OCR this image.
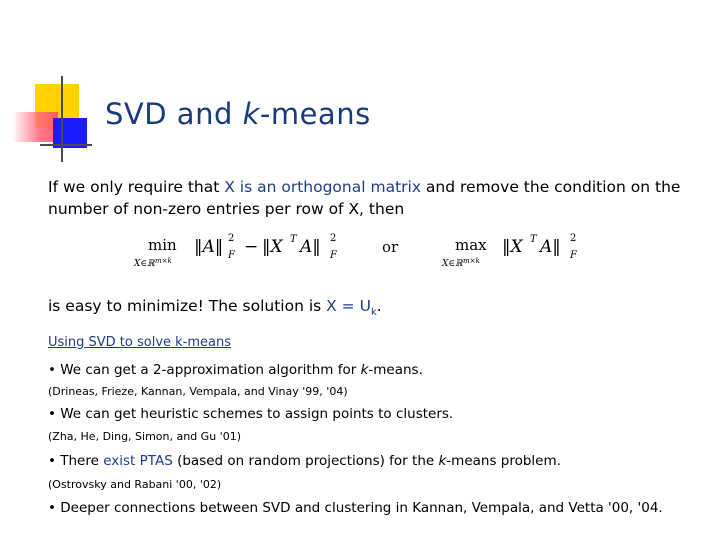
SVD and k-means
If we only require that X is an orthogonal matrix and remove the condition on the number of non-zero entries per row of X, then
min
X∈ℝ m×k
‖A‖ 2
F − ‖X T A‖ 2
F	or	max
X∈ℝ m×k
‖X T A‖ 2
F
is easy to minimize! The solution is $X = U_k$.
Using SVD to solve k-means
• We can get a 2-approximation algorithm for k-means.
(Drineas, Frieze, Kannan, Vempala, and Vinay '99, '04)
• We can get heuristic schemes to assign points to clusters.
(Zha, He, Ding, Simon, and Gu '01)
• There exist PTAS (based on random projections) for the k-means problem.
(Ostrovsky and Rabani '00, '02)
• Deeper connections between SVD and clustering in Kannan, Vempala, and Vetta '00, '04.
